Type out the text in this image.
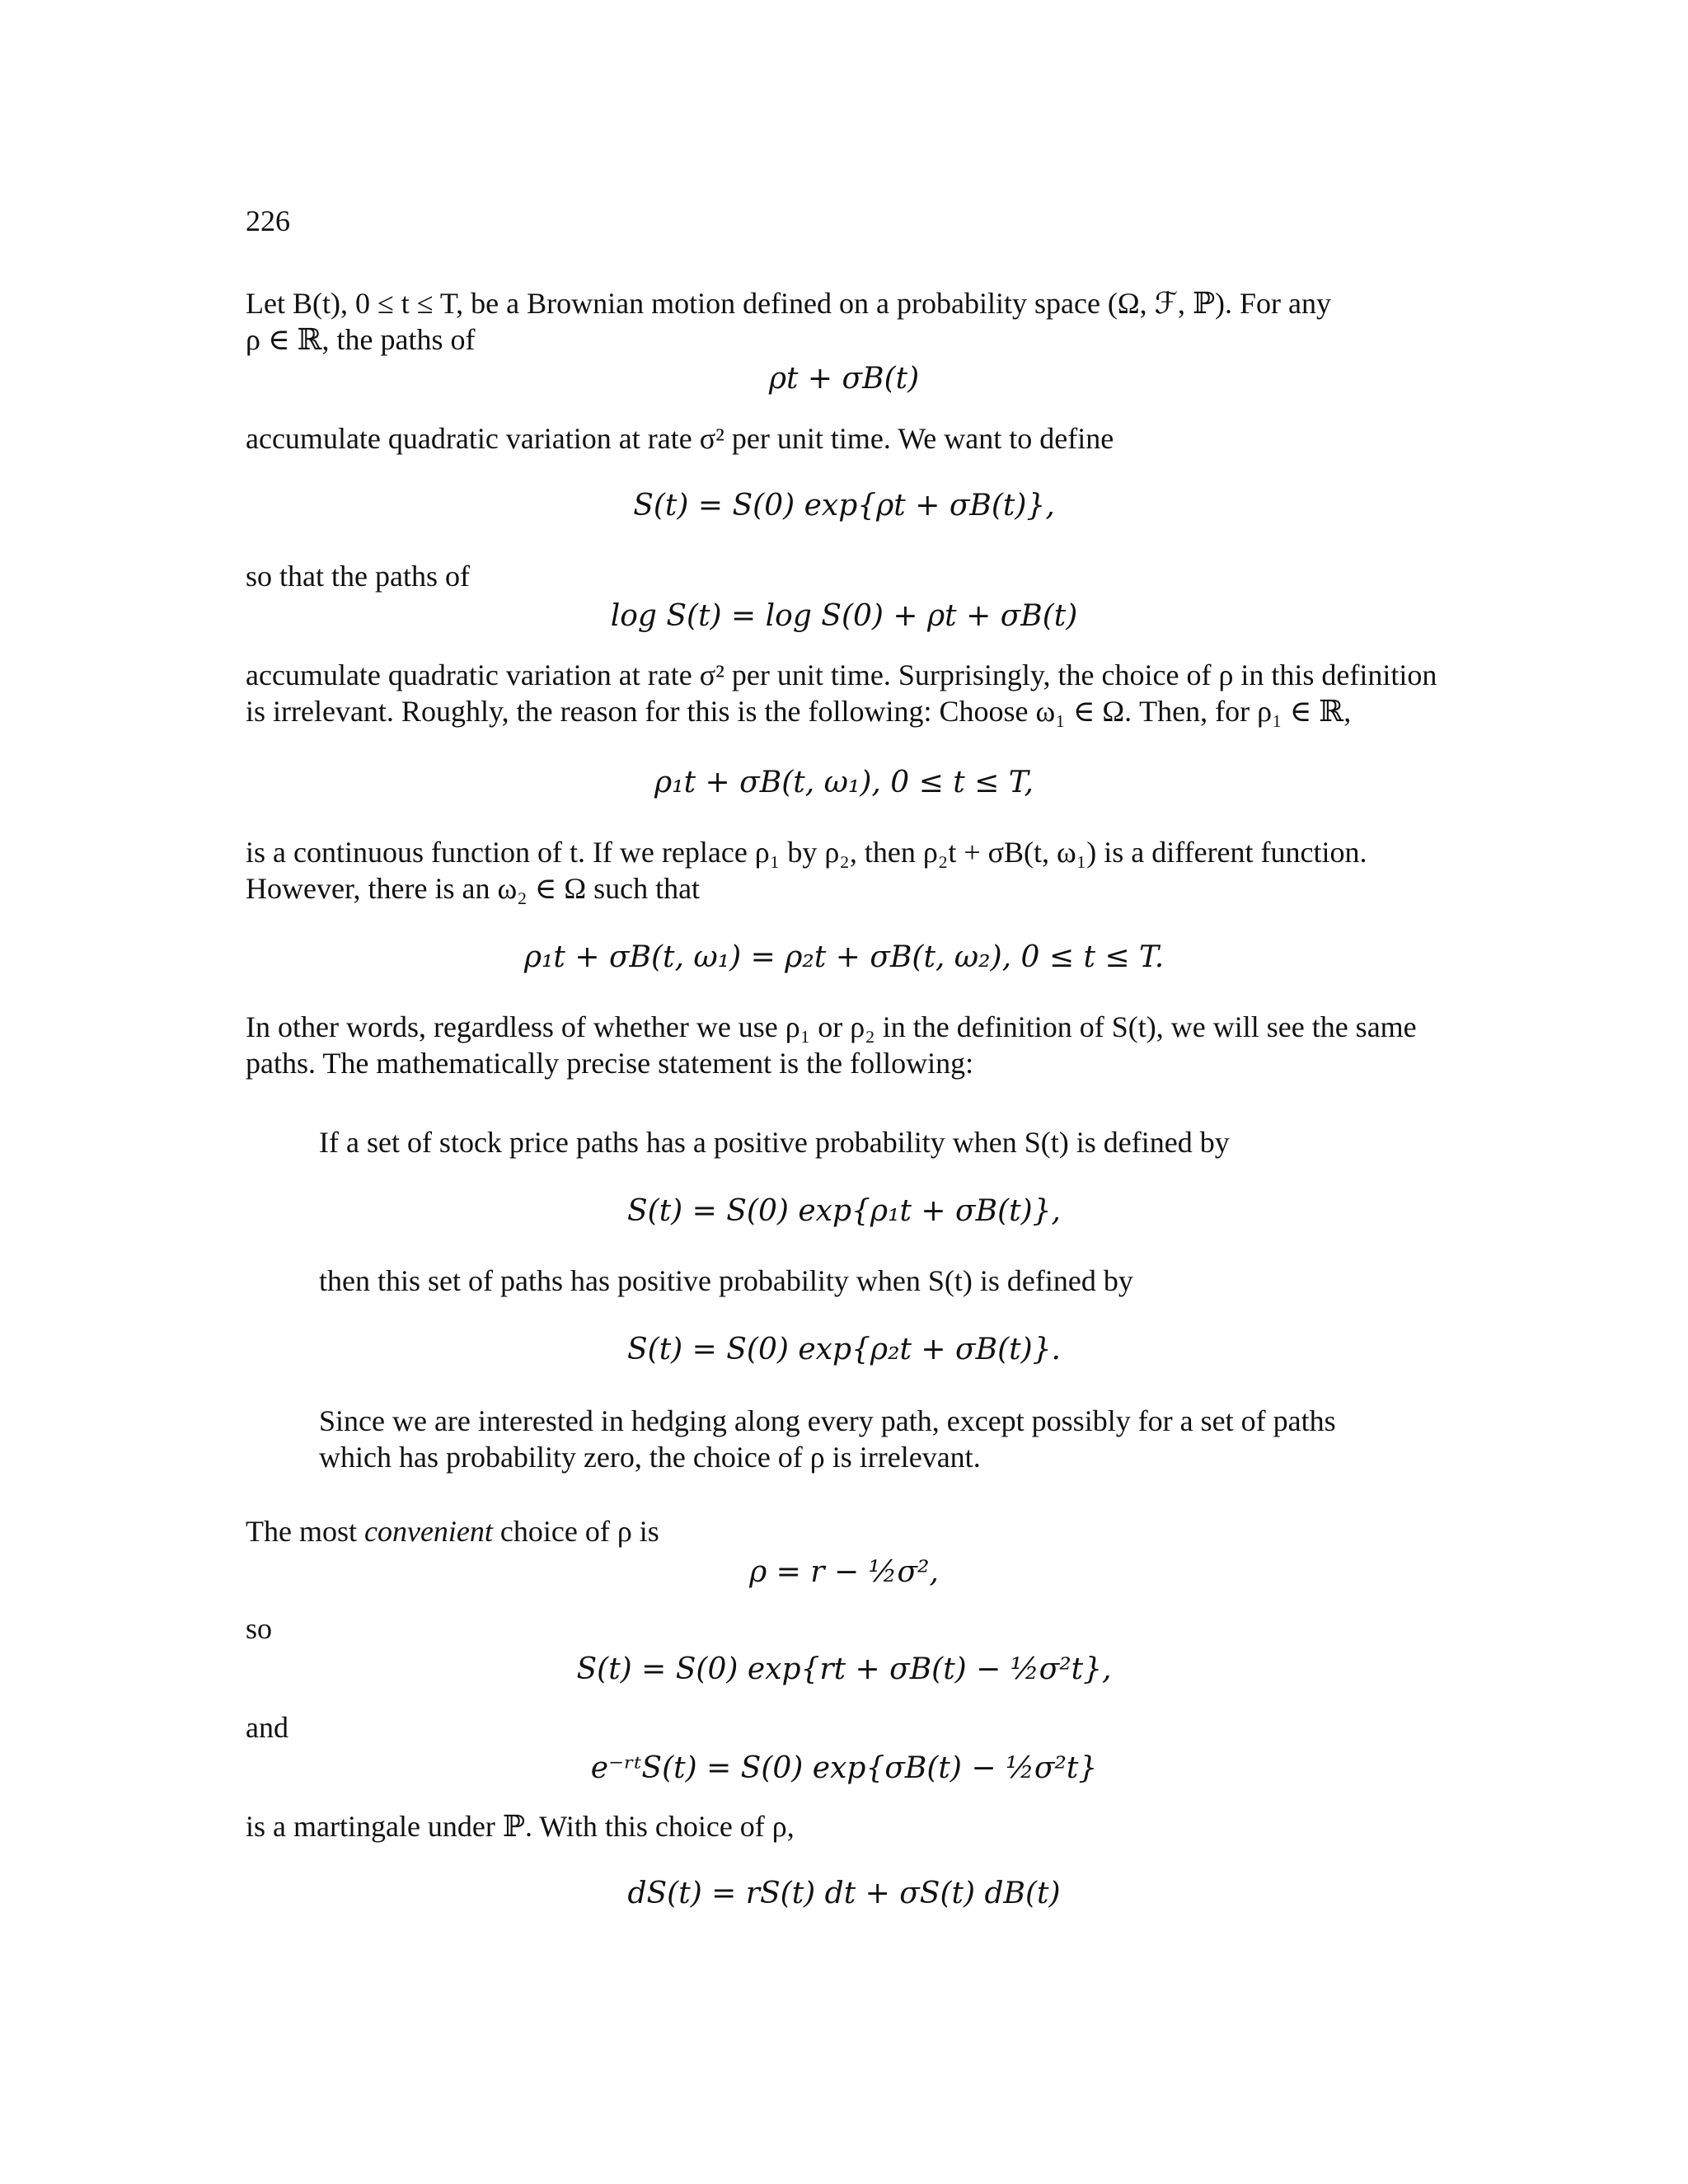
226
Let B(t), 0 ≤ t ≤ T, be a Brownian motion defined on a probability space (Ω, ℱ, ℙ). For any
ρ ∈ ℝ, the paths of
ρt + σB(t)
accumulate quadratic variation at rate σ² per unit time. We want to define
S(t) = S(0) exp{ρt + σB(t)},
so that the paths of
log S(t) = log S(0) + ρt + σB(t)
accumulate quadratic variation at rate σ² per unit time. Surprisingly, the choice of ρ in this definition
is irrelevant. Roughly, the reason for this is the following: Choose ω₁ ∈ Ω. Then, for ρ₁ ∈ ℝ,
ρ₁t + σB(t, ω₁), 0 ≤ t ≤ T,
is a continuous function of t. If we replace ρ₁ by ρ₂, then ρ₂t + σB(t, ω₁) is a different function.
However, there is an ω₂ ∈ Ω such that
ρ₁t + σB(t, ω₁) = ρ₂t + σB(t, ω₂), 0 ≤ t ≤ T.
In other words, regardless of whether we use ρ₁ or ρ₂ in the definition of S(t), we will see the same
paths. The mathematically precise statement is the following:
If a set of stock price paths has a positive probability when S(t) is defined by
S(t) = S(0) exp{ρ₁t + σB(t)},
then this set of paths has positive probability when S(t) is defined by
S(t) = S(0) exp{ρ₂t + σB(t)}.
Since we are interested in hedging along every path, except possibly for a set of paths
which has probability zero, the choice of ρ is irrelevant.
The most convenient choice of ρ is
ρ = r − ½σ²,
so
S(t) = S(0) exp{rt + σB(t) − ½σ²t},
and
e⁻ʳᵗS(t) = S(0) exp{σB(t) − ½σ²t}
is a martingale under ℙ. With this choice of ρ,
dS(t) = rS(t) dt + σS(t) dB(t)
